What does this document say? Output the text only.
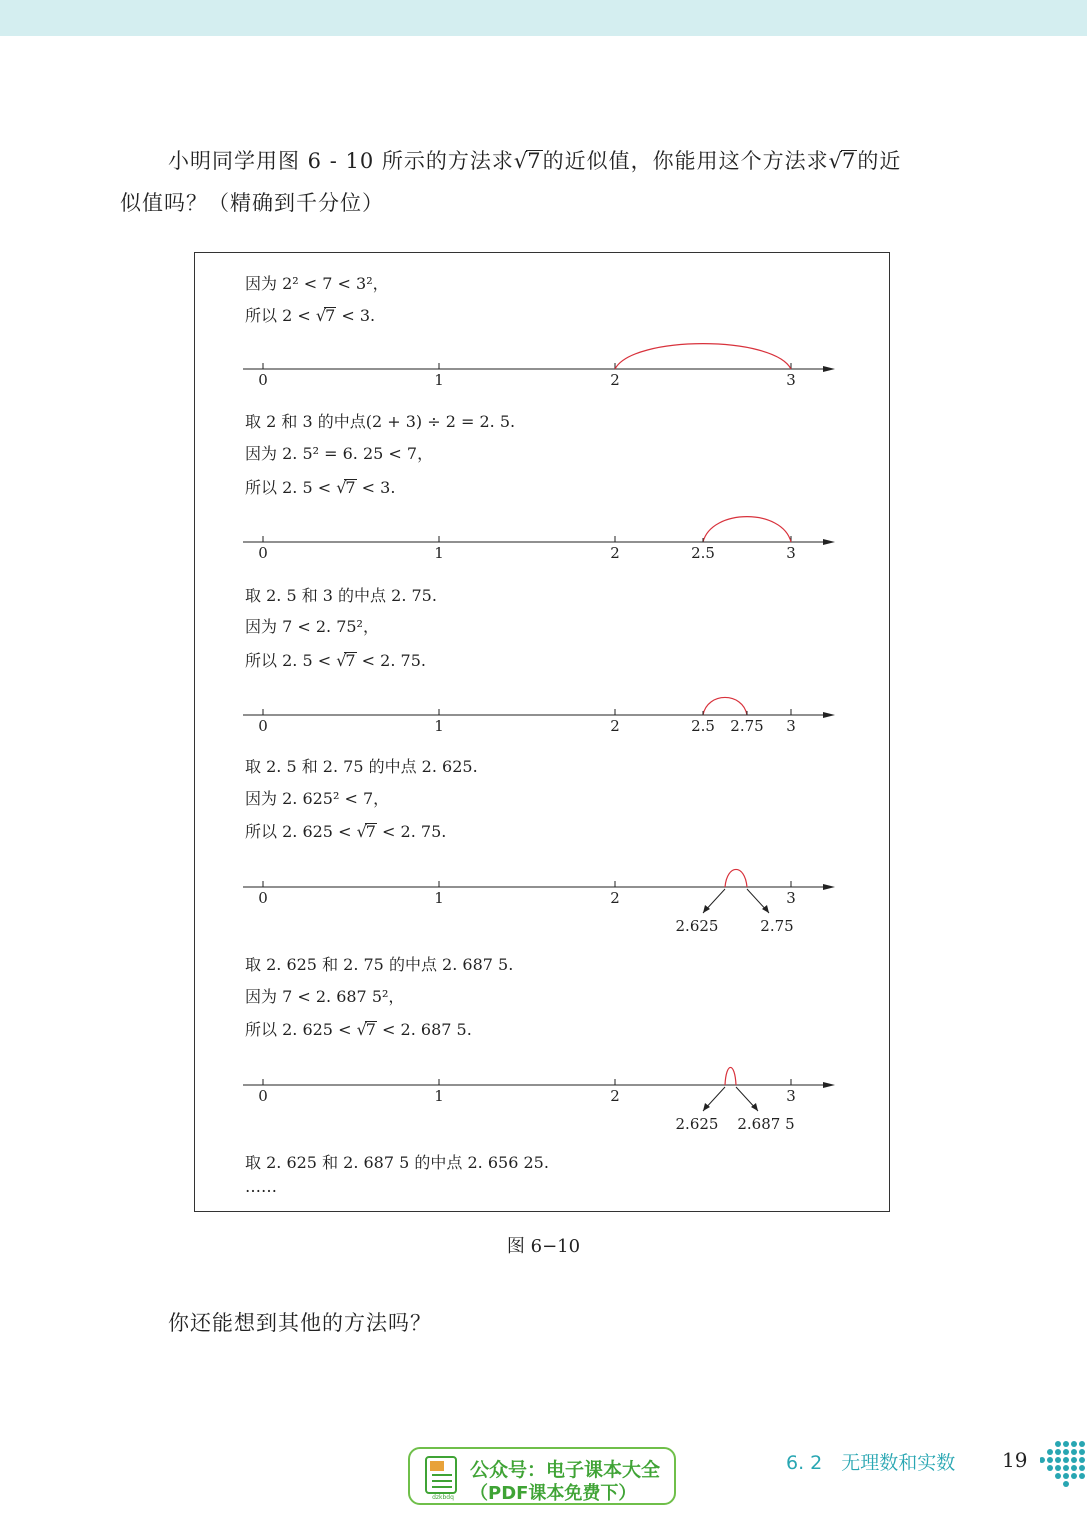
小明同学用图 6 - 10 所示的方法求√7的近似值，你能用这个方法求√7的近
似值吗？（精确到千分位）
因为 2² < 7 < 3²，
所以 2 < √7 < 3.
0	1	2	3
取 2 和 3 的中点(2 + 3) ÷ 2 = 2. 5.
因为 2. 5² = 6. 25 < 7，
所以 2. 5 < √7 < 3.
0	1	2	3
2.5
取 2. 5 和 3 的中点 2. 75.
因为 7 < 2. 75²，
所以 2. 5 < √7 < 2. 75.
0	1	2	3
2.5 2.75
取 2. 5 和 2. 75 的中点 2. 625.
因为 2. 625² < 7，
所以 2. 625 < √7 < 2. 75.
0	1	2	3
2.625	2.75
取 2. 625 和 2. 75 的中点 2. 687 5.
因为 7 < 2. 687 5²，
所以 2. 625 < √7 < 2. 687 5.
0	1	2	3
2.625 2.687 5
取 2. 625 和 2. 687 5 的中点 2. 656 25.
……
图 6−10
你还能想到其他的方法吗？
dzkbdq
公众号：电子课本大全
（PDF课本免费下）
6. 2　无理数和实数 19
